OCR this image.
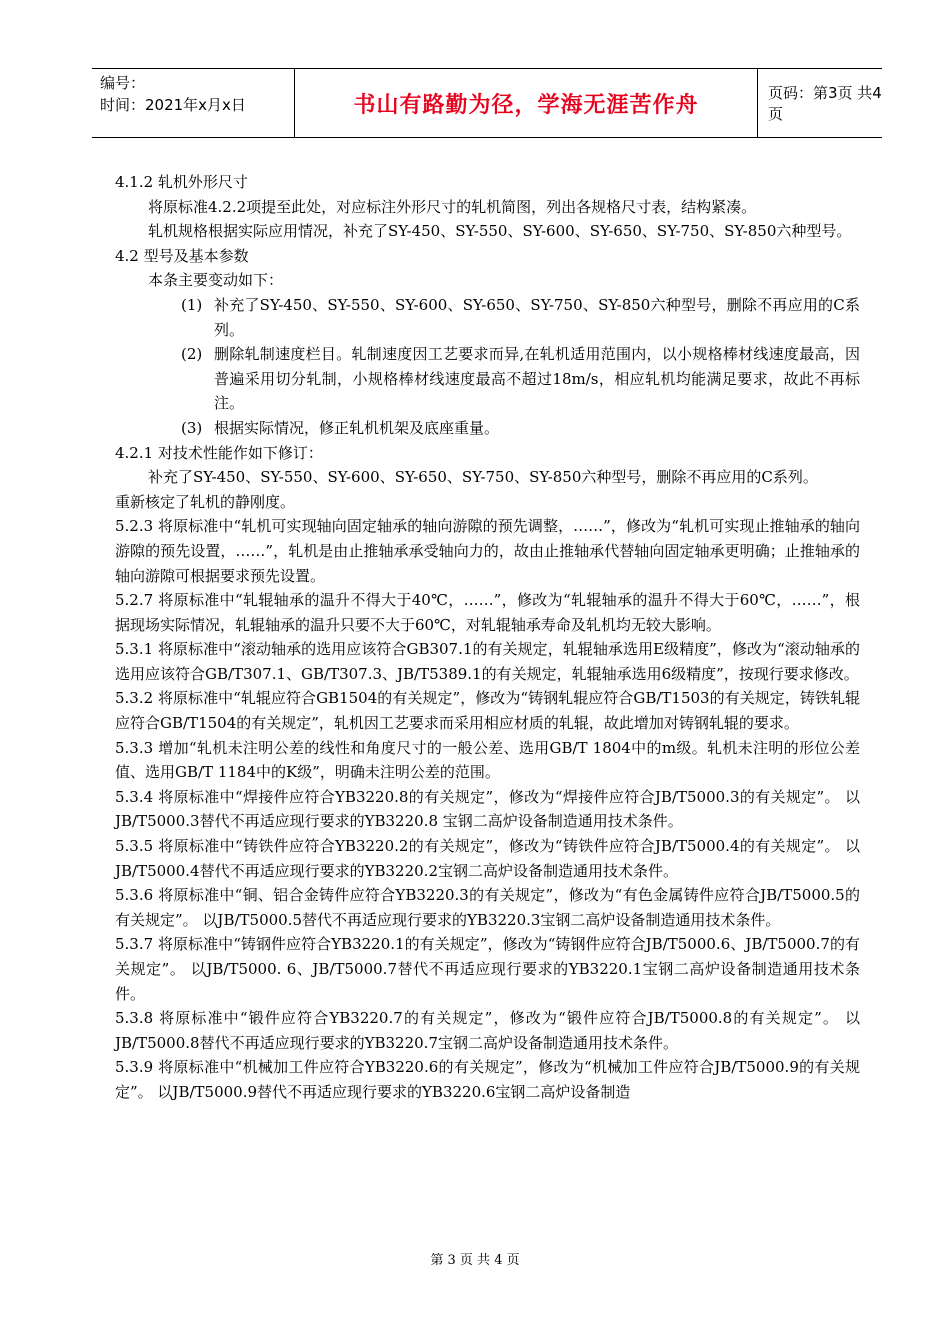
编号：
时间：2021年x月x日	书山有路勤为径，学海无涯苦作舟	页码：第3页 共4页

4.1.2 轧机外形尺寸

将原标准4.2.2项提至此处，对应标注外形尺寸的轧机简图，列出各规格尺寸表，结构紧凑。

轧机规格根据实际应用情况，补充了SY-450、SY-550、SY-600、SY-650、SY-750、SY-850六种型号。

4.2 型号及基本参数

本条主要变动如下：

(1) 补充了SY-450、SY-550、SY-600、SY-650、SY-750、SY-850六种型号，删除不再应用的C系列。
(2) 删除轧制速度栏目。轧制速度因工艺要求而异,在轧机适用范围内，以小规格棒材线速度最高，因普遍采用切分轧制，小规格棒材线速度最高不超过18m/s，相应轧机均能满足要求，故此不再标注。
(3) 根据实际情况，修正轧机机架及底座重量。

4.2.1 对技术性能作如下修订：

补充了SY-450、SY-550、SY-600、SY-650、SY-750、SY-850六种型号，删除不再应用的C系列。

重新核定了轧机的静刚度。

5.2.3 将原标准中“轧机可实现轴向固定轴承的轴向游隙的预先调整，……”，修改为“轧机可实现止推轴承的轴向游隙的预先设置，……”，轧机是由止推轴承承受轴向力的，故由止推轴承代替轴向固定轴承更明确；止推轴承的轴向游隙可根据要求预先设置。

5.2.7 将原标准中“轧辊轴承的温升不得大于40℃，……”，修改为“轧辊轴承的温升不得大于60℃，……”，根据现场实际情况，轧辊轴承的温升只要不大于60℃，对轧辊轴承寿命及轧机均无较大影响。

5.3.1 将原标准中“滚动轴承的选用应该符合GB307.1的有关规定，轧辊轴承选用E级精度”，修改为“滚动轴承的选用应该符合GB/T307.1、GB/T307.3、JB/T5389.1的有关规定，轧辊轴承选用6级精度”，按现行要求修改。

5.3.2 将原标准中“轧辊应符合GB1504的有关规定”，修改为“铸钢轧辊应符合GB/T1503的有关规定，铸铁轧辊应符合GB/T1504的有关规定”，轧机因工艺要求而采用相应材质的轧辊，故此增加对铸钢轧辊的要求。

5.3.3 增加“轧机未注明公差的线性和角度尺寸的一般公差、选用GB/T 1804中的m级。轧机未注明的形位公差值、选用GB/T 1184中的K级”，明确未注明公差的范围。

5.3.4 将原标准中“焊接件应符合YB3220.8的有关规定”，修改为“焊接件应符合JB/T5000.3的有关规定”。 以JB/T5000.3替代不再适应现行要求的YB3220.8 宝钢二高炉设备制造通用技术条件。

5.3.5 将原标准中“铸铁件应符合YB3220.2的有关规定”，修改为“铸铁件应符合JB/T5000.4的有关规定”。 以JB/T5000.4替代不再适应现行要求的YB3220.2宝钢二高炉设备制造通用技术条件。

5.3.6 将原标准中“铜、铝合金铸件应符合YB3220.3的有关规定”，修改为“有色金属铸件应符合JB/T5000.5的有关规定”。 以JB/T5000.5替代不再适应现行要求的YB3220.3宝钢二高炉设备制造通用技术条件。

5.3.7 将原标准中“铸钢件应符合YB3220.1的有关规定”，修改为“铸钢件应符合JB/T5000.6、JB/T5000.7的有关规定”。 以JB/T5000. 6、JB/T5000.7替代不再适应现行要求的YB3220.1宝钢二高炉设备制造通用技术条件。

5.3.8 将原标准中“锻件应符合YB3220.7的有关规定”，修改为“锻件应符合JB/T5000.8的有关规定”。 以JB/T5000.8替代不再适应现行要求的YB3220.7宝钢二高炉设备制造通用技术条件。

5.3.9 将原标准中“机械加工件应符合YB3220.6的有关规定”，修改为“机械加工件应符合JB/T5000.9的有关规定”。 以JB/T5000.9替代不再适应现行要求的YB3220.6宝钢二高炉设备制造

第 3 页 共 4 页
